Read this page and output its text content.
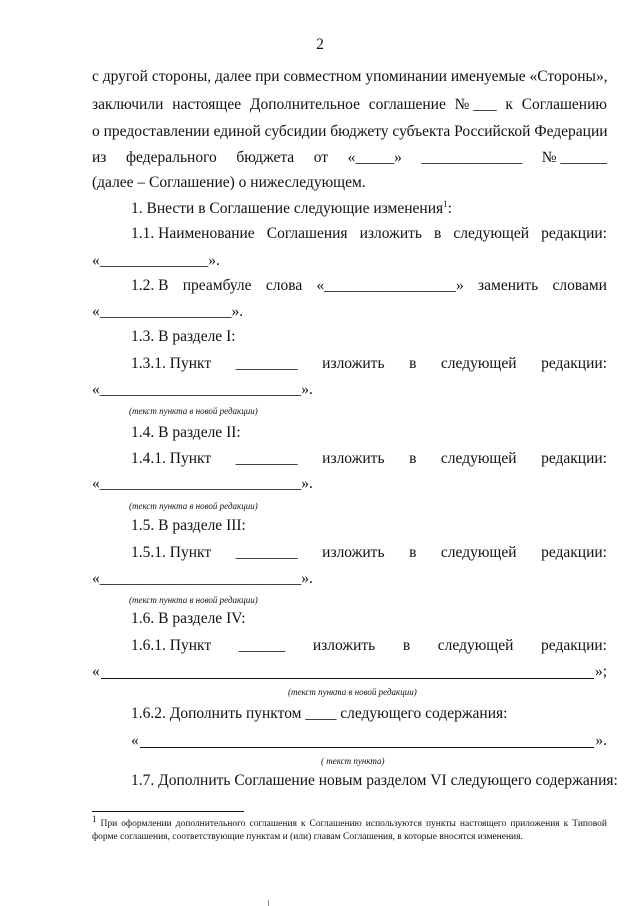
2
с другой стороны, далее при совместном упоминании именуемые «Стороны»,
заключили настоящее Дополнительное соглашение № ___ к Соглашению
о предоставлении единой субсидии бюджету субъекта Российской Федерации
из федерального бюджета от «_____» _____________ № ______
(далее – Соглашение) о нижеследующем.
1. Внести в Соглашение следующие изменения$^1$:
1.1. Наименование Соглашения изложить в следующей редакции:
«______________».
1.2. В преамбуле слова «_________________» заменить словами
«_________________».
1.3. В разделе I:
1.3.1. Пункт ________ изложить в следующей редакции:
«__________________________».
(текст пункта в новой редакции)
1.4. В разделе II:
1.4.1. Пункт ________ изложить в следующей редакции:
«__________________________».
(текст пункта в новой редакции)
1.5. В разделе III:
1.5.1. Пункт ________ изложить в следующей редакции:
«__________________________».
(текст пункта в новой редакции)
1.6. В разделе IV:
1.6.1. Пункт ______ изложить в следующей редакции:
«	»;
(текст пункта в новой редакции)
1.6.2. Дополнить пунктом ____ следующего содержания:
«	».
( текст пункта)
1.7. Дополнить Соглашение новым разделом VI следующего содержания:
$^1$ При оформлении дополнительного соглашения к Соглашению используются пункты настоящего приложения к Типовой форме соглашения, соответствующие пунктам и (или) главам Соглашения, в которые вносятся изменения.
